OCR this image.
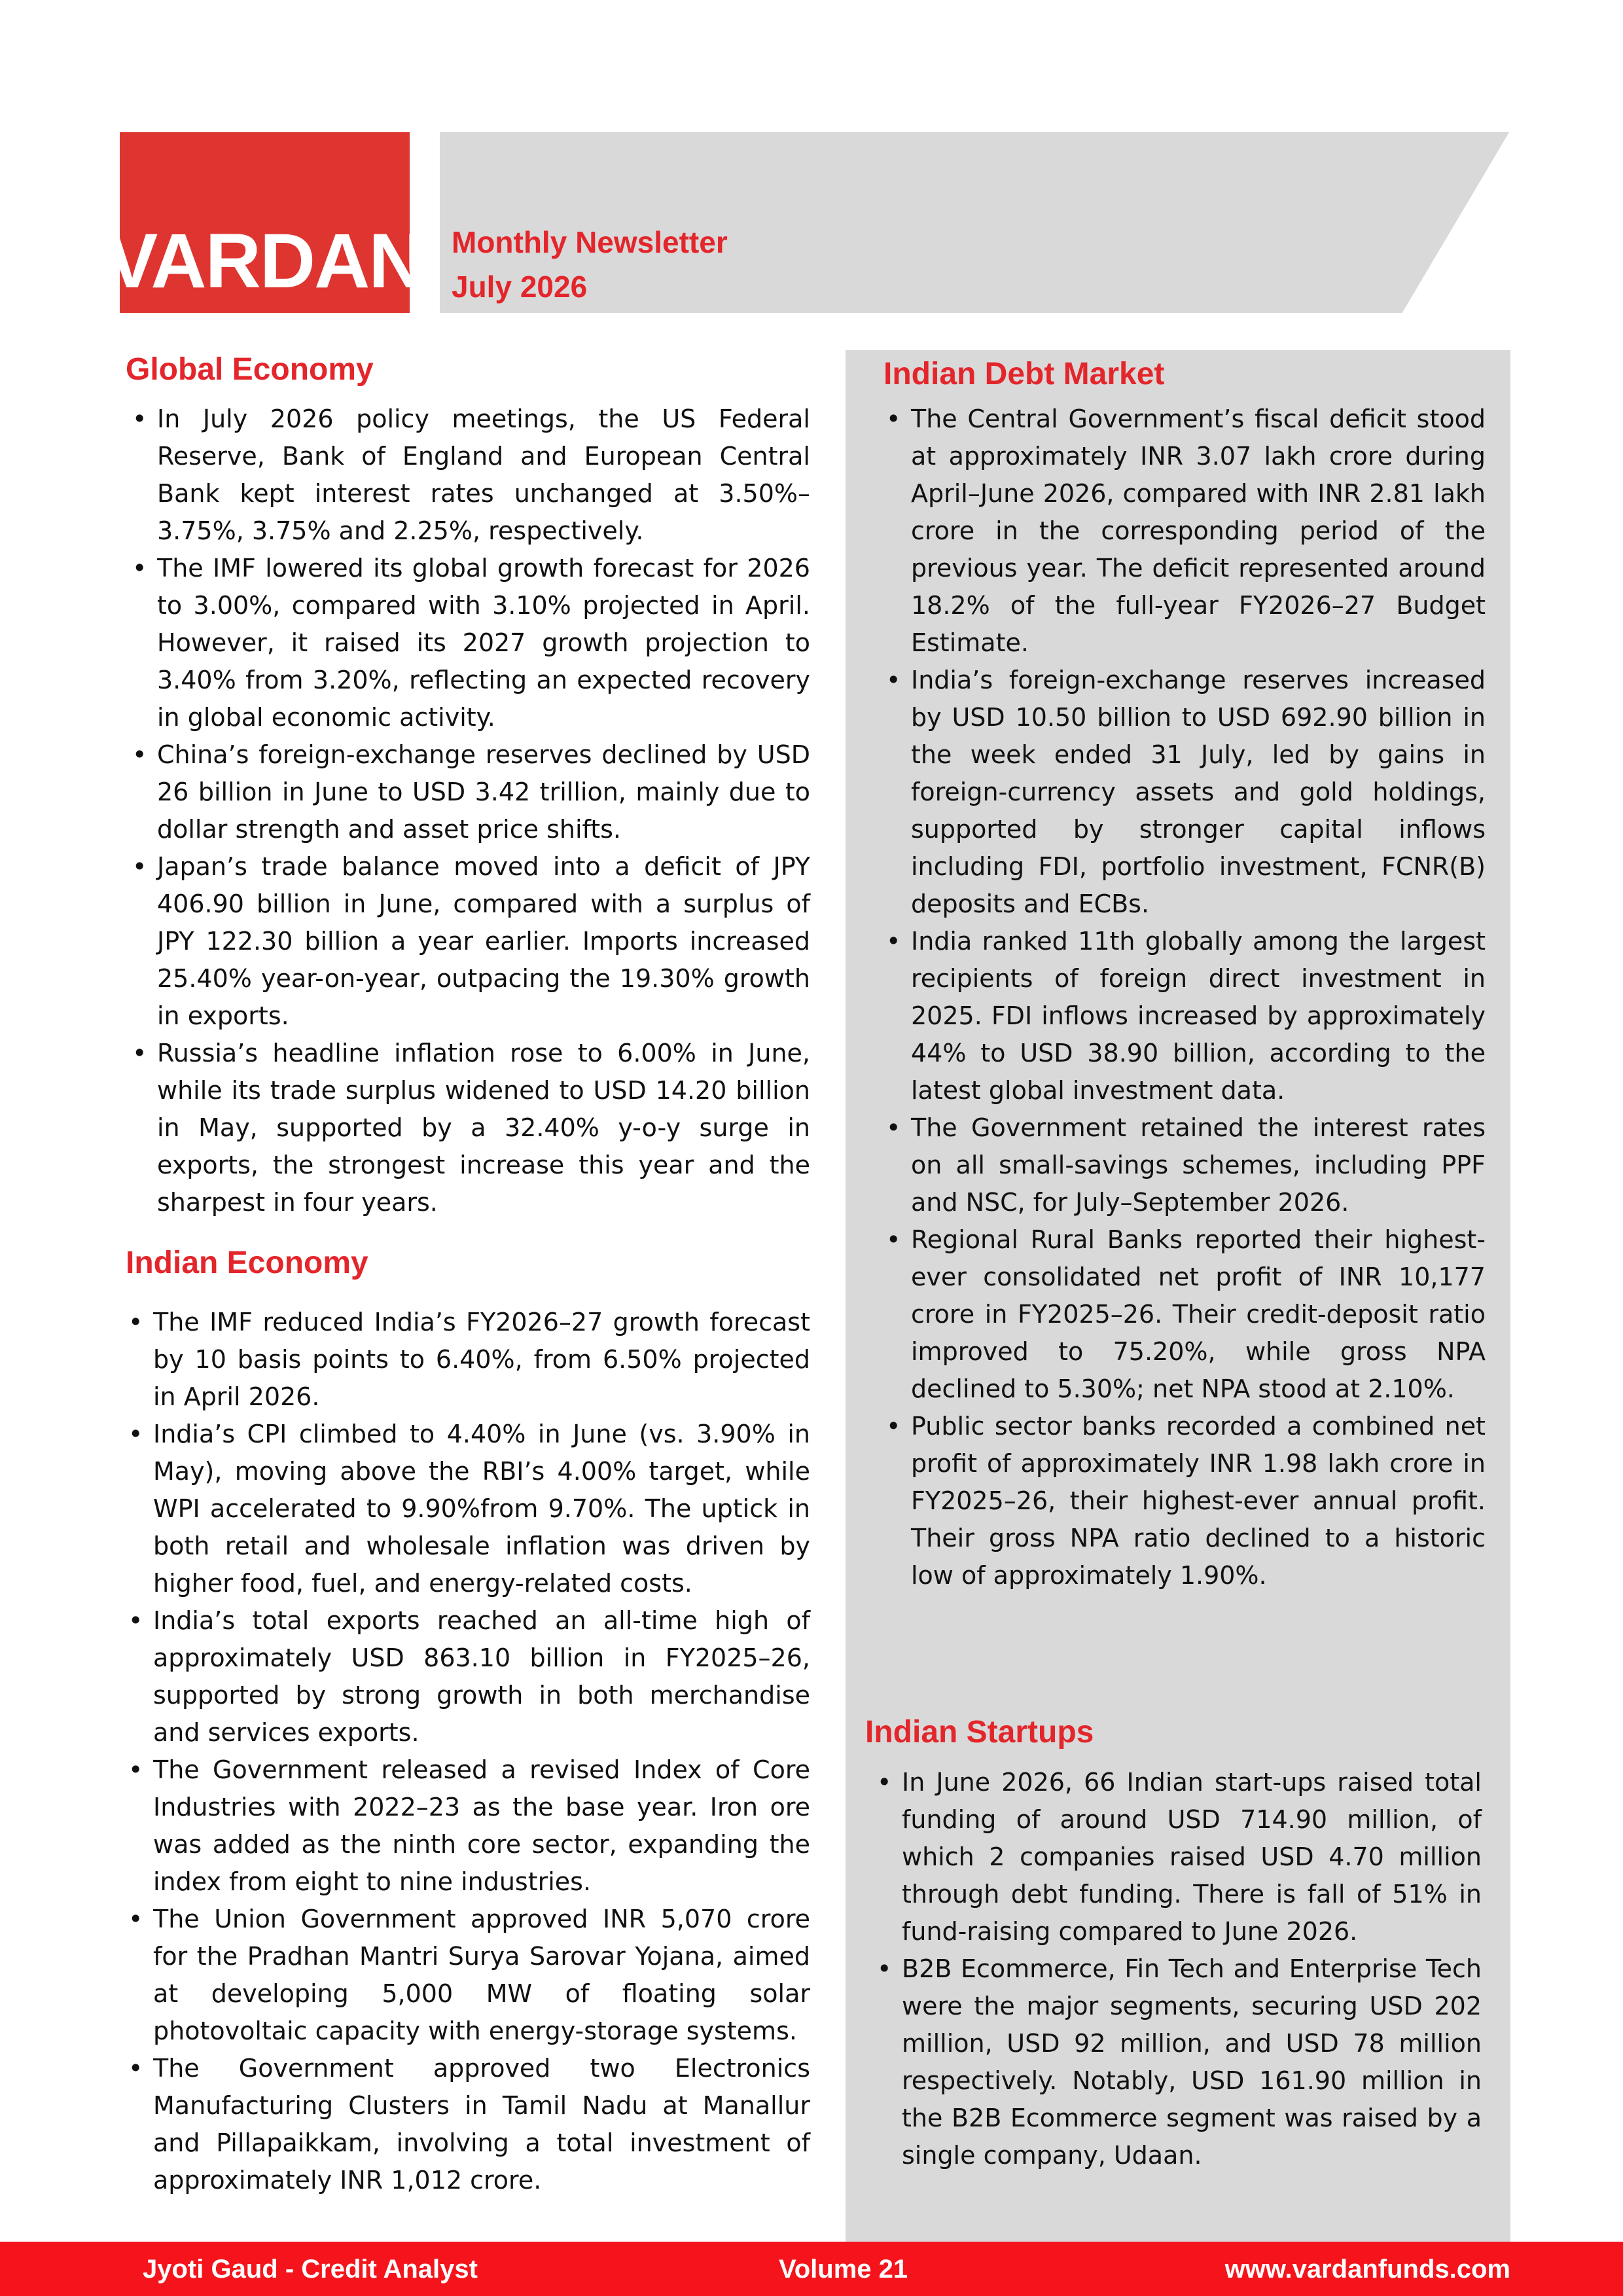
VARDAN Monthly Newsletter
July 2026
Global Economy
• In July 2026 policy meetings, the US Federal Reserve, Bank of England and European Central Bank kept interest rates unchanged at 3.50%–3.75%, 3.75% and 2.25%, respectively.
• The IMF lowered its global growth forecast for 2026 to 3.00%, compared with 3.10% projected in April. However, it raised its 2027 growth projection to 3.40% from 3.20%, reflecting an expected recovery in global economic activity.
• China’s foreign-exchange reserves declined by USD 26 billion in June to USD 3.42 trillion, mainly due to dollar strength and asset price shifts.
• Japan’s trade balance moved into a deficit of JPY 406.90 billion in June, compared with a surplus of JPY 122.30 billion a year earlier. Imports increased 25.40% year-on-year, outpacing the 19.30% growth in exports.
• Russia’s headline inflation rose to 6.00% in June, while its trade surplus widened to USD 14.20 billion in May, supported by a 32.40% y-o-y surge in exports, the strongest increase this year and the sharpest in four years.
Indian Economy
• The IMF reduced India’s FY2026–27 growth forecast by 10 basis points to 6.40%, from 6.50% projected in April 2026.
• India’s CPI climbed to 4.40% in June (vs. 3.90% in May), moving above the RBI’s 4.00% target, while WPI accelerated to 9.90%from 9.70%. The uptick in both retail and wholesale inflation was driven by higher food, fuel, and energy-related costs.
• India’s total exports reached an all-time high of approximately USD 863.10 billion in FY2025–26, supported by strong growth in both merchandise and services exports.
• The Government released a revised Index of Core Industries with 2022–23 as the base year. Iron ore was added as the ninth core sector, expanding the index from eight to nine industries.
• The Union Government approved INR 5,070 crore for the Pradhan Mantri Surya Sarovar Yojana, aimed at developing 5,000 MW of floating solar photovoltaic capacity with energy-storage systems.
• The Government approved two Electronics Manufacturing Clusters in Tamil Nadu at Manallur and Pillapaikkam, involving a total investment of approximately INR 1,012 crore.
Indian Debt Market
• The Central Government’s fiscal deficit stood at approximately INR 3.07 lakh crore during April–June 2026, compared with INR 2.81 lakh crore in the corresponding period of the previous year. The deficit represented around 18.2% of the full-year FY2026–27 Budget Estimate.
• India’s foreign-exchange reserves increased by USD 10.50 billion to USD 692.90 billion in the week ended 31 July, led by gains in foreign-currency assets and gold holdings, supported by stronger capital inflows including FDI, portfolio investment, FCNR(B) deposits and ECBs.
• India ranked 11th globally among the largest recipients of foreign direct investment in 2025. FDI inflows increased by approximately 44% to USD 38.90 billion, according to the latest global investment data.
• The Government retained the interest rates on all small-savings schemes, including PPF and NSC, for July–September 2026.
• Regional Rural Banks reported their highest-ever consolidated net profit of INR 10,177 crore in FY2025–26. Their credit-deposit ratio improved to 75.20%, while gross NPA declined to 5.30%; net NPA stood at 2.10%.
• Public sector banks recorded a combined net profit of approximately INR 1.98 lakh crore in FY2025–26, their highest-ever annual profit. Their gross NPA ratio declined to a historic low of approximately 1.90%.
Indian Startups
• In June 2026, 66 Indian start-ups raised total funding of around USD 714.90 million, of which 2 companies raised USD 4.70 million through debt funding. There is fall of 51% in fund-raising compared to June 2026.
• B2B Ecommerce, Fin Tech and Enterprise Tech were the major segments, securing USD 202 million, USD 92 million, and USD 78 million respectively. Notably, USD 161.90 million in the B2B Ecommerce segment was raised by a single company, Udaan.
Jyoti Gaud - Credit Analyst	Volume 21	www.vardanfunds.com
